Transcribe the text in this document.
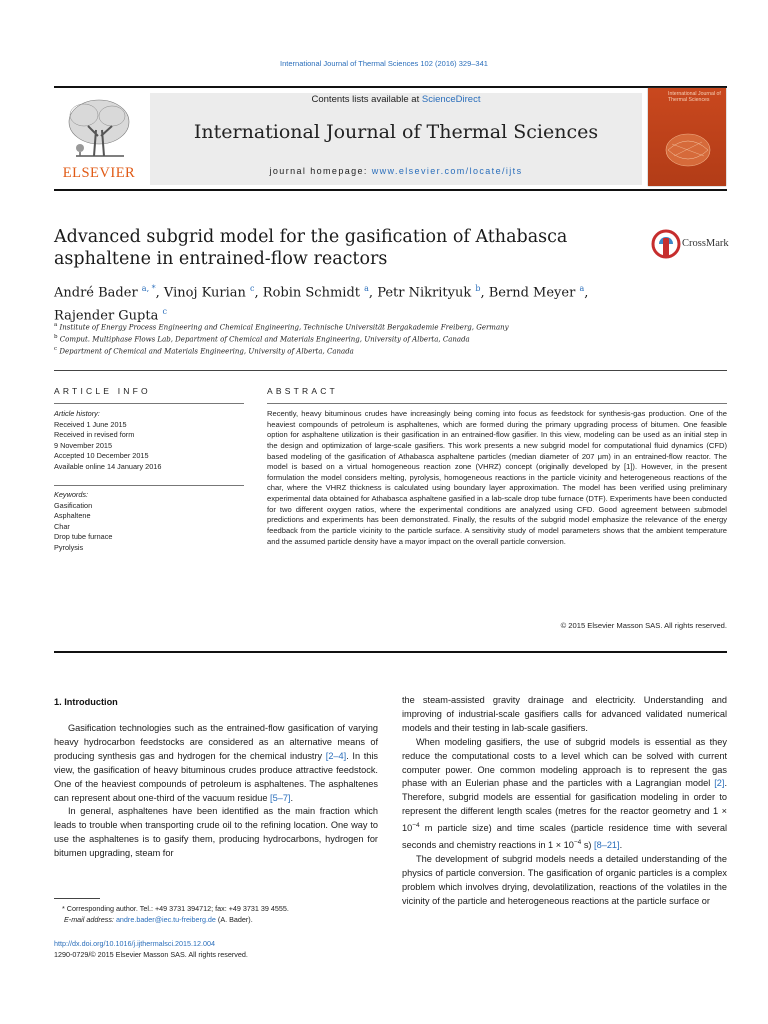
International Journal of Thermal Sciences 102 (2016) 329–341
ELSEVIER
Contents lists available at ScienceDirect
International Journal of Thermal Sciences
journal homepage: www.elsevier.com/locate/ijts
International Journal of Thermal Sciences
Advanced subgrid model for the gasification of Athabasca asphaltene in entrained-flow reactors
CrossMark
André Bader $^{a, *}$, Vinoj Kurian $^c$, Robin Schmidt $^a$, Petr Nikrityuk $^b$, Bernd Meyer $^a$,
Rajender Gupta $^c$
$^a$ Institute of Energy Process Engineering and Chemical Engineering, Technische Universität Bergakademie Freiberg, Germany
$^b$ Comput. Multiphase Flows Lab, Department of Chemical and Materials Engineering, University of Alberta, Canada
$^c$ Department of Chemical and Materials Engineering, University of Alberta, Canada
ARTICLE INFO
Article history:
Received 1 June 2015
Received in revised form
9 November 2015
Accepted 10 December 2015
Available online 14 January 2016
Keywords:
Gasification
Asphaltene
Char
Drop tube furnace
Pyrolysis
ABSTRACT
Recently, heavy bituminous crudes have increasingly being coming into focus as feedstock for synthesis-gas production. One of the heaviest compounds of petroleum is asphaltenes, which are formed during the primary upgrading process of bitumen. One feasible option for asphaltene utilization is their gasification in an entrained-flow gasifier. In this view, modeling can be used as an initial step in the design and optimization of large-scale gasifiers. This work presents a new subgrid model for computational fluid dynamics (CFD) based modeling of the gasification of Athabasca asphaltene particles (median diameter of 207 μm) in an entrained-flow reactor. The model is based on a virtual homogeneous reaction zone (VHRZ) concept (originally developed by [1]). However, in the present formulation the model considers melting, pyrolysis, homogeneous reactions in the particle vicinity and heterogeneous reactions of the char, where the VHRZ thickness is calculated using boundary layer approximation. The model has been verified using preliminary experimental data obtained for Athabasca asphaltene gasified in a lab-scale drop tube furnace (DTF). Experiments have been conducted for two different oxygen ratios, where the experimental conditions are analyzed using CFD. Good agreement between submodel predictions and experiments has been demonstrated. Finally, the results of the subgrid model emphasize the relevance of the energy feedback from the particle vicinity to the particle surface. A sensitivity study of model parameters shows that the ambient temperature and the assumed particle density have a mayor impact on the overall particle conversion.
© 2015 Elsevier Masson SAS. All rights reserved.
1. Introduction

Gasification technologies such as the entrained-flow gasification of varying heavy hydrocarbon feedstocks are considered as an alternative means of producing synthesis gas and hydrogen for the chemical industry [2–4]. In this view, the gasification of heavy bituminous crudes produce attractive feedstock. One of the heaviest compounds of petroleum is asphaltenes. The asphaltenes can represent about one-third of the vacuum residue [5–7].

In general, asphaltenes have been identified as the main fraction which leads to trouble when transporting crude oil to the refining location. One way to use the asphaltenes is to gasify them, producing hydrocarbons, hydrogen for bitumen upgrading, steam for

the steam-assisted gravity drainage and electricity. Understanding and improving of industrial-scale gasifiers calls for advanced validated numerical models and their testing in lab-scale gasifiers.

When modeling gasifiers, the use of subgrid models is essential as they reduce the computational costs to a level which can be solved with current computer power. One common modeling approach is to represent the gas phase with an Eulerian phase and the particles with a Lagrangian model [2]. Therefore, subgrid models are essential for gasification modeling in order to represent the different length scales (metres for the reactor geometry and $1 \times 10^{-4}$ m particle size) and time scales (particle residence time with several seconds and chemistry reactions in $1 \times 10^{-4}$ s) [8–21].

The development of subgrid models needs a detailed understanding of the physics of particle conversion. The gasification of organic particles is a complex problem which involves drying, devolatilization, reactions of the volatiles in the vicinity of the particle and heterogeneous reactions at the particle surface or

* Corresponding author. Tel.: +49 3731 394712; fax: +49 3731 39 4555.
E-mail address: andre.bader@iec.tu-freiberg.de (A. Bader).
http://dx.doi.org/10.1016/j.ijthermalsci.2015.12.004
1290-0729/© 2015 Elsevier Masson SAS. All rights reserved.
